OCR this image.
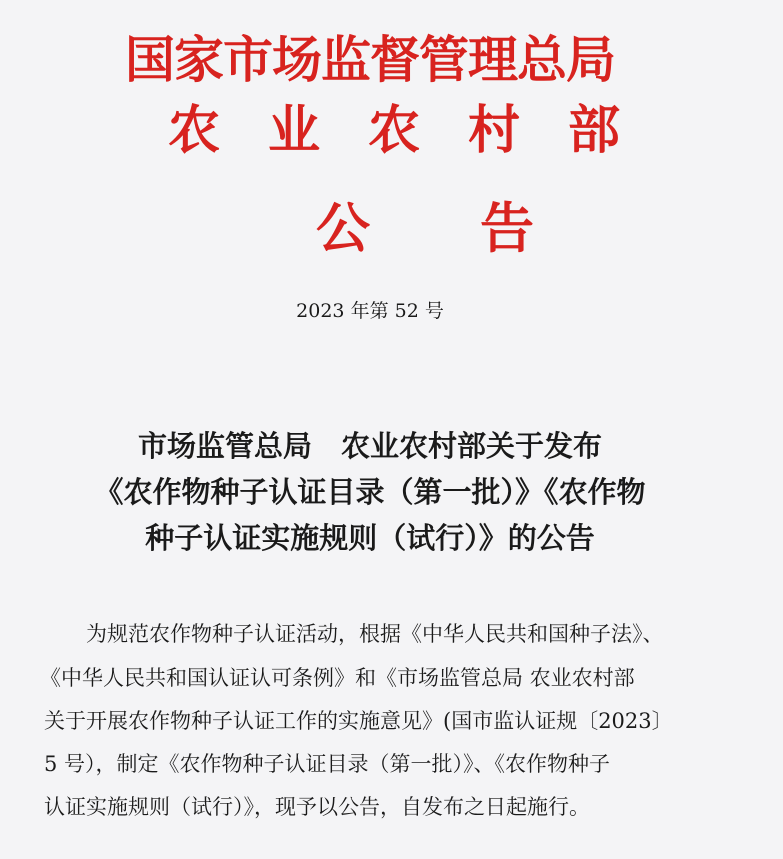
国家市场监督管理总局
农业农村部
公告
2023 年第 52 号
市场监管总局　农业农村部关于发布
《农作物种子认证目录（第一批）》《农作物
种子认证实施规则（试行）》的公告
　　为规范农作物种子认证活动，根据《中华人民共和国种子法》、
《中华人民共和国认证认可条例》和《市场监管总局 农业农村部
关于开展农作物种子认证工作的实施意见》(国市监认证规〔2023〕
5 号），制定《农作物种子认证目录（第一批）》、《农作物种子
认证实施规则（试行）》，现予以公告，自发布之日起施行。
